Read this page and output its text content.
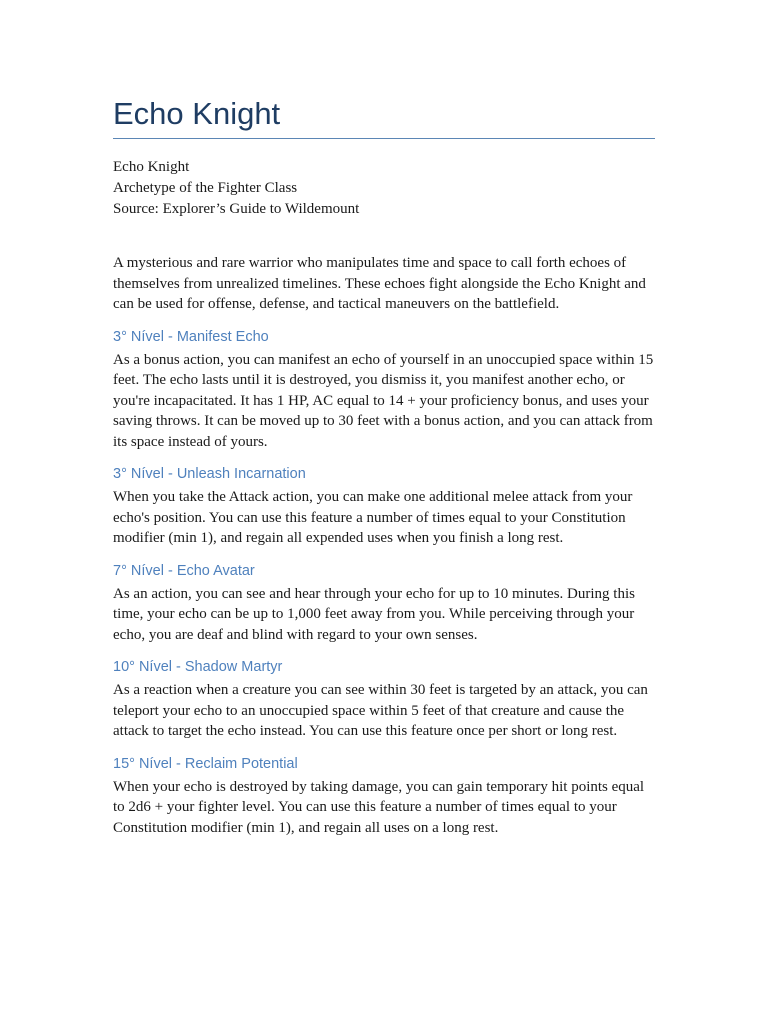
Echo Knight
Echo Knight
Archetype of the Fighter Class
Source: Explorer’s Guide to Wildemount

A mysterious and rare warrior who manipulates time and space to call forth echoes of themselves from unrealized timelines. These echoes fight alongside the Echo Knight and can be used for offense, defense, and tactical maneuvers on the battlefield.

3° Nível - Manifest Echo

As a bonus action, you can manifest an echo of yourself in an unoccupied space within 15 feet. The echo lasts until it is destroyed, you dismiss it, you manifest another echo, or you're incapacitated. It has 1 HP, AC equal to 14 + your proficiency bonus, and uses your saving throws. It can be moved up to 30 feet with a bonus action, and you can attack from its space instead of yours.

3° Nível - Unleash Incarnation

When you take the Attack action, you can make one additional melee attack from your echo's position. You can use this feature a number of times equal to your Constitution modifier (min 1), and regain all expended uses when you finish a long rest.

7° Nível - Echo Avatar

As an action, you can see and hear through your echo for up to 10 minutes. During this time, your echo can be up to 1,000 feet away from you. While perceiving through your echo, you are deaf and blind with regard to your own senses.

10° Nível - Shadow Martyr

As a reaction when a creature you can see within 30 feet is targeted by an attack, you can teleport your echo to an unoccupied space within 5 feet of that creature and cause the attack to target the echo instead. You can use this feature once per short or long rest.

15° Nível - Reclaim Potential

When your echo is destroyed by taking damage, you can gain temporary hit points equal to 2d6 + your fighter level. You can use this feature a number of times equal to your Constitution modifier (min 1), and regain all uses on a long rest.
